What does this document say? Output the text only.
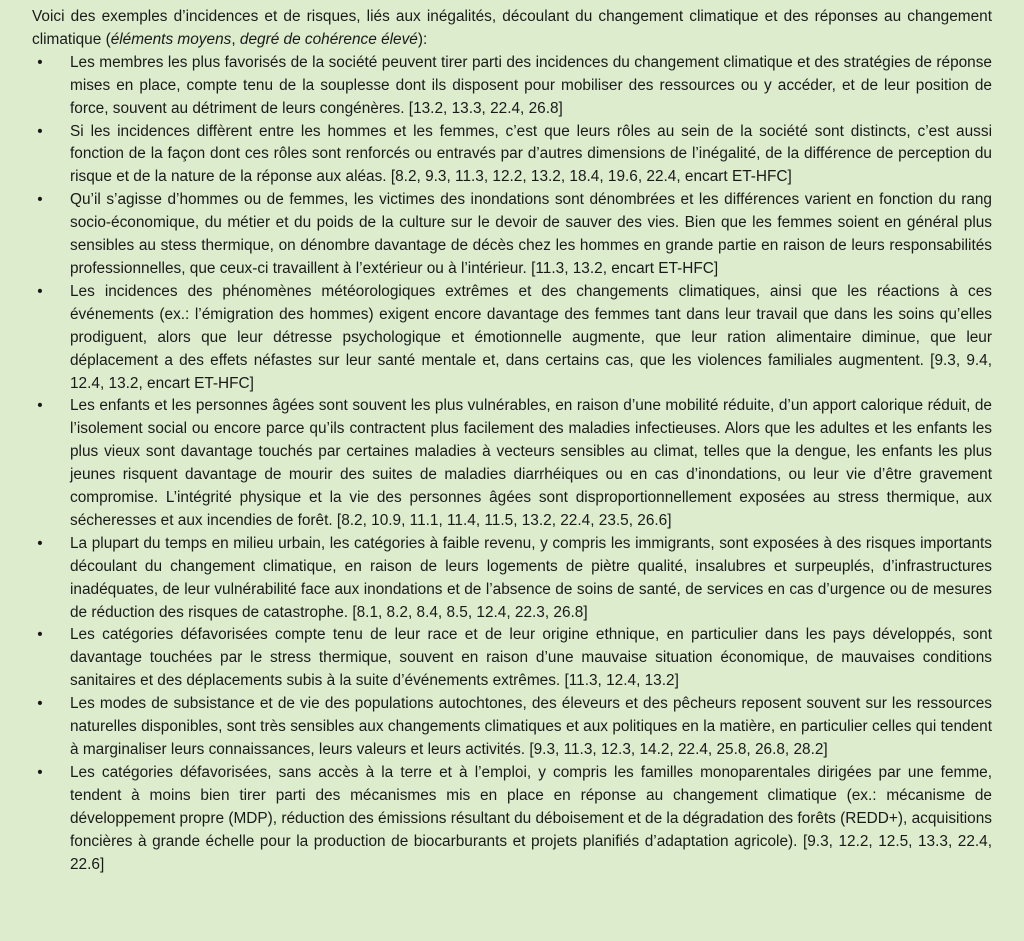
Voici des exemples d’incidences et de risques, liés aux inégalités, découlant du changement climatique et des réponses au changement climatique (éléments moyens, degré de cohérence élevé):

• Les membres les plus favorisés de la société peuvent tirer parti des incidences du changement climatique et des stratégies de réponse mises en place, compte tenu de la souplesse dont ils disposent pour mobiliser des ressources ou y accéder, et de leur position de force, souvent au détriment de leurs congénères. [13.2, 13.3, 22.4, 26.8]
• Si les incidences diffèrent entre les hommes et les femmes, c’est que leurs rôles au sein de la société sont distincts, c’est aussi fonction de la façon dont ces rôles sont renforcés ou entravés par d’autres dimensions de l’inégalité, de la différence de perception du risque et de la nature de la réponse aux aléas. [8.2, 9.3, 11.3, 12.2, 13.2, 18.4, 19.6, 22.4, encart ET-HFC]
• Qu’il s’agisse d’hommes ou de femmes, les victimes des inondations sont dénombrées et les différences varient en fonction du rang socio-économique, du métier et du poids de la culture sur le devoir de sauver des vies. Bien que les femmes soient en général plus sensibles au stess thermique, on dénombre davantage de décès chez les hommes en grande partie en raison de leurs responsabilités professionnelles, que ceux-ci travaillent à l’extérieur ou à l’intérieur. [11.3, 13.2, encart ET-HFC]
• Les incidences des phénomènes météorologiques extrêmes et des changements climatiques, ainsi que les réactions à ces événements (ex.: l’émigration des hommes) exigent encore davantage des femmes tant dans leur travail que dans les soins qu’elles prodiguent, alors que leur détresse psychologique et émotionnelle augmente, que leur ration alimentaire diminue, que leur déplacement a des effets néfastes sur leur santé mentale et, dans certains cas, que les violences familiales augmentent. [9.3, 9.4, 12.4, 13.2, encart ET-HFC]
• Les enfants et les personnes âgées sont souvent les plus vulnérables, en raison d’une mobilité réduite, d’un apport calorique réduit, de l’isolement social ou encore parce qu’ils contractent plus facilement des maladies infectieuses. Alors que les adultes et les enfants les plus vieux sont davantage touchés par certaines maladies à vecteurs sensibles au climat, telles que la dengue, les enfants les plus jeunes risquent davantage de mourir des suites de maladies diarrhéiques ou en cas d’inondations, ou leur vie d’être gravement compromise. L’intégrité physique et la vie des personnes âgées sont disproportionnellement exposées au stress thermique, aux sécheresses et aux incendies de forêt. [8.2, 10.9, 11.1, 11.4, 11.5, 13.2, 22.4, 23.5, 26.6]
• La plupart du temps en milieu urbain, les catégories à faible revenu, y compris les immigrants, sont exposées à des risques importants découlant du changement climatique, en raison de leurs logements de piètre qualité, insalubres et surpeuplés, d’infrastructures inadéquates, de leur vulnérabilité face aux inondations et de l’absence de soins de santé, de services en cas d’urgence ou de mesures de réduction des risques de catastrophe. [8.1, 8.2, 8.4, 8.5, 12.4, 22.3, 26.8]
• Les catégories défavorisées compte tenu de leur race et de leur origine ethnique, en particulier dans les pays développés, sont davantage touchées par le stress thermique, souvent en raison d’une mauvaise situation économique, de mauvaises conditions sanitaires et des déplacements subis à la suite d’événements extrêmes. [11.3, 12.4, 13.2]
• Les modes de subsistance et de vie des populations autochtones, des éleveurs et des pêcheurs reposent souvent sur les ressources naturelles disponibles, sont très sensibles aux changements climatiques et aux politiques en la matière, en particulier celles qui tendent à marginaliser leurs connaissances, leurs valeurs et leurs activités. [9.3, 11.3, 12.3, 14.2, 22.4, 25.8, 26.8, 28.2]
• Les catégories défavorisées, sans accès à la terre et à l’emploi, y compris les familles monoparentales dirigées par une femme, tendent à moins bien tirer parti des mécanismes mis en place en réponse au changement climatique (ex.: mécanisme de développement propre (MDP), réduction des émissions résultant du déboisement et de la dégradation des forêts (REDD+), acquisitions foncières à grande échelle pour la production de biocarburants et projets planifiés d’adaptation agricole). [9.3, 12.2, 12.5, 13.3, 22.4, 22.6]
